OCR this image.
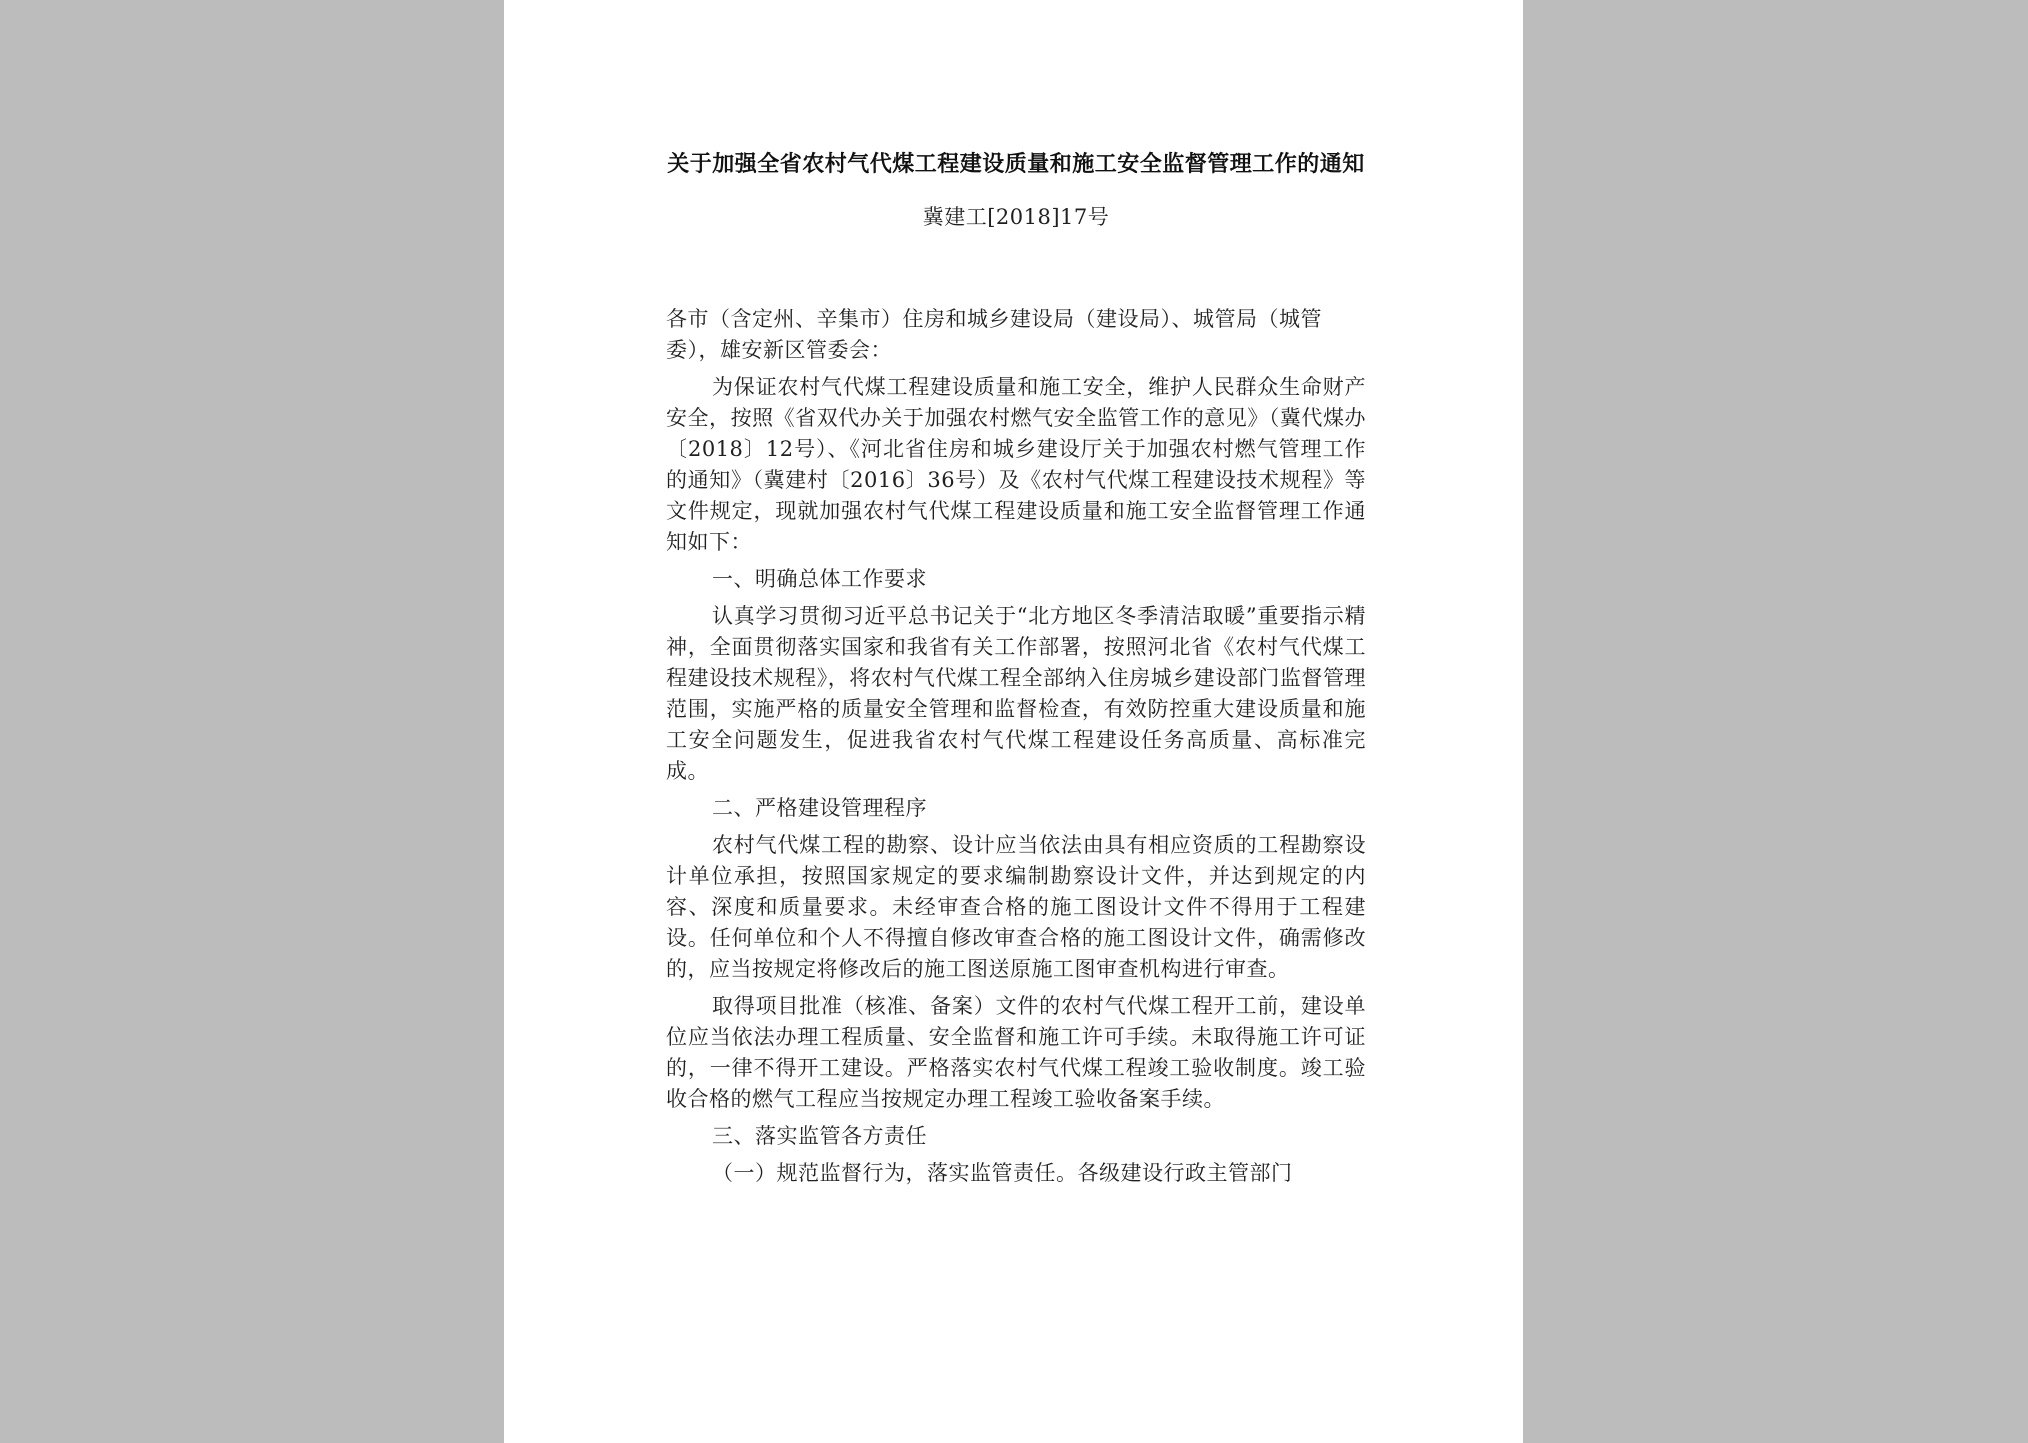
关于加强全省农村气代煤工程建设质量和施工安全监督管理工作的通知
冀建工[2018]17号
各市（含定州、辛集市）住房和城乡建设局（建设局）、城管局（城管委），雄安新区管委会：
为保证农村气代煤工程建设质量和施工安全，维护人民群众生命财产安全，按照《省双代办关于加强农村燃气安全监管工作的意见》（冀代煤办〔2018〕12号）、《河北省住房和城乡建设厅关于加强农村燃气管理工作的通知》（冀建村〔2016〕36号）及《农村气代煤工程建设技术规程》等文件规定，现就加强农村气代煤工程建设质量和施工安全监督管理工作通知如下：
一、明确总体工作要求
认真学习贯彻习近平总书记关于“北方地区冬季清洁取暖”重要指示精神，全面贯彻落实国家和我省有关工作部署，按照河北省《农村气代煤工程建设技术规程》，将农村气代煤工程全部纳入住房城乡建设部门监督管理范围，实施严格的质量安全管理和监督检查，有效防控重大建设质量和施工安全问题发生，促进我省农村气代煤工程建设任务高质量、高标准完成。
二、严格建设管理程序
农村气代煤工程的勘察、设计应当依法由具有相应资质的工程勘察设计单位承担，按照国家规定的要求编制勘察设计文件，并达到规定的内容、深度和质量要求。未经审查合格的施工图设计文件不得用于工程建设。任何单位和个人不得擅自修改审查合格的施工图设计文件，确需修改的，应当按规定将修改后的施工图送原施工图审查机构进行审查。
取得项目批准（核准、备案）文件的农村气代煤工程开工前，建设单位应当依法办理工程质量、安全监督和施工许可手续。未取得施工许可证的，一律不得开工建设。严格落实农村气代煤工程竣工验收制度。竣工验收合格的燃气工程应当按规定办理工程竣工验收备案手续。
三、落实监管各方责任
（一）规范监督行为，落实监管责任。各级建设行政主管部门
